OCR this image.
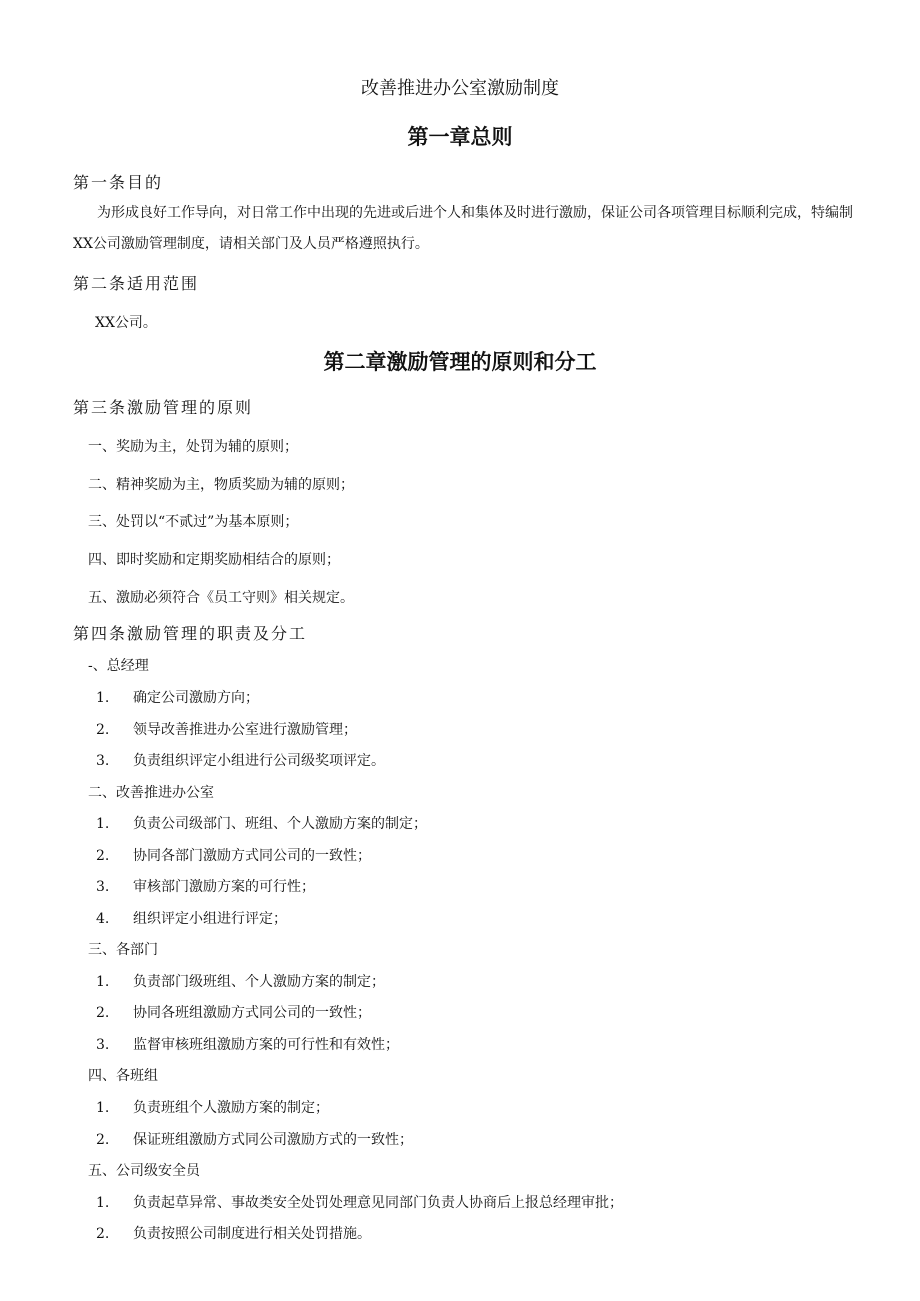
改善推进办公室激励制度
第一章总则
第一条目的
为形成良好工作导向，对日常工作中出现的先进或后进个人和集体及时进行激励，保证公司各项管理目标顺利完成，特编制XX公司激励管理制度，请相关部门及人员严格遵照执行。
第二条适用范围
XX公司。
第二章激励管理的原则和分工
第三条激励管理的原则
一、奖励为主，处罚为辅的原则；
二、精神奖励为主，物质奖励为辅的原则；
三、处罚以“不贰过”为基本原则；
四、即时奖励和定期奖励相结合的原则；
五、激励必须符合《员工守则》相关规定。
第四条激励管理的职责及分工
-、总经理
1. 确定公司激励方向；
2. 领导改善推进办公室进行激励管理；
3. 负责组织评定小组进行公司级奖项评定。
二、改善推进办公室
1. 负责公司级部门、班组、个人激励方案的制定；
2. 协同各部门激励方式同公司的一致性；
3. 审核部门激励方案的可行性；
4. 组织评定小组进行评定；
三、各部门
1. 负责部门级班组、个人激励方案的制定；
2. 协同各班组激励方式同公司的一致性；
3. 监督审核班组激励方案的可行性和有效性；
四、各班组
1. 负责班组个人激励方案的制定；
2. 保证班组激励方式同公司激励方式的一致性；
五、公司级安全员
1. 负责起草异常、事故类安全处罚处理意见同部门负责人协商后上报总经理审批；
2. 负责按照公司制度进行相关处罚措施。
